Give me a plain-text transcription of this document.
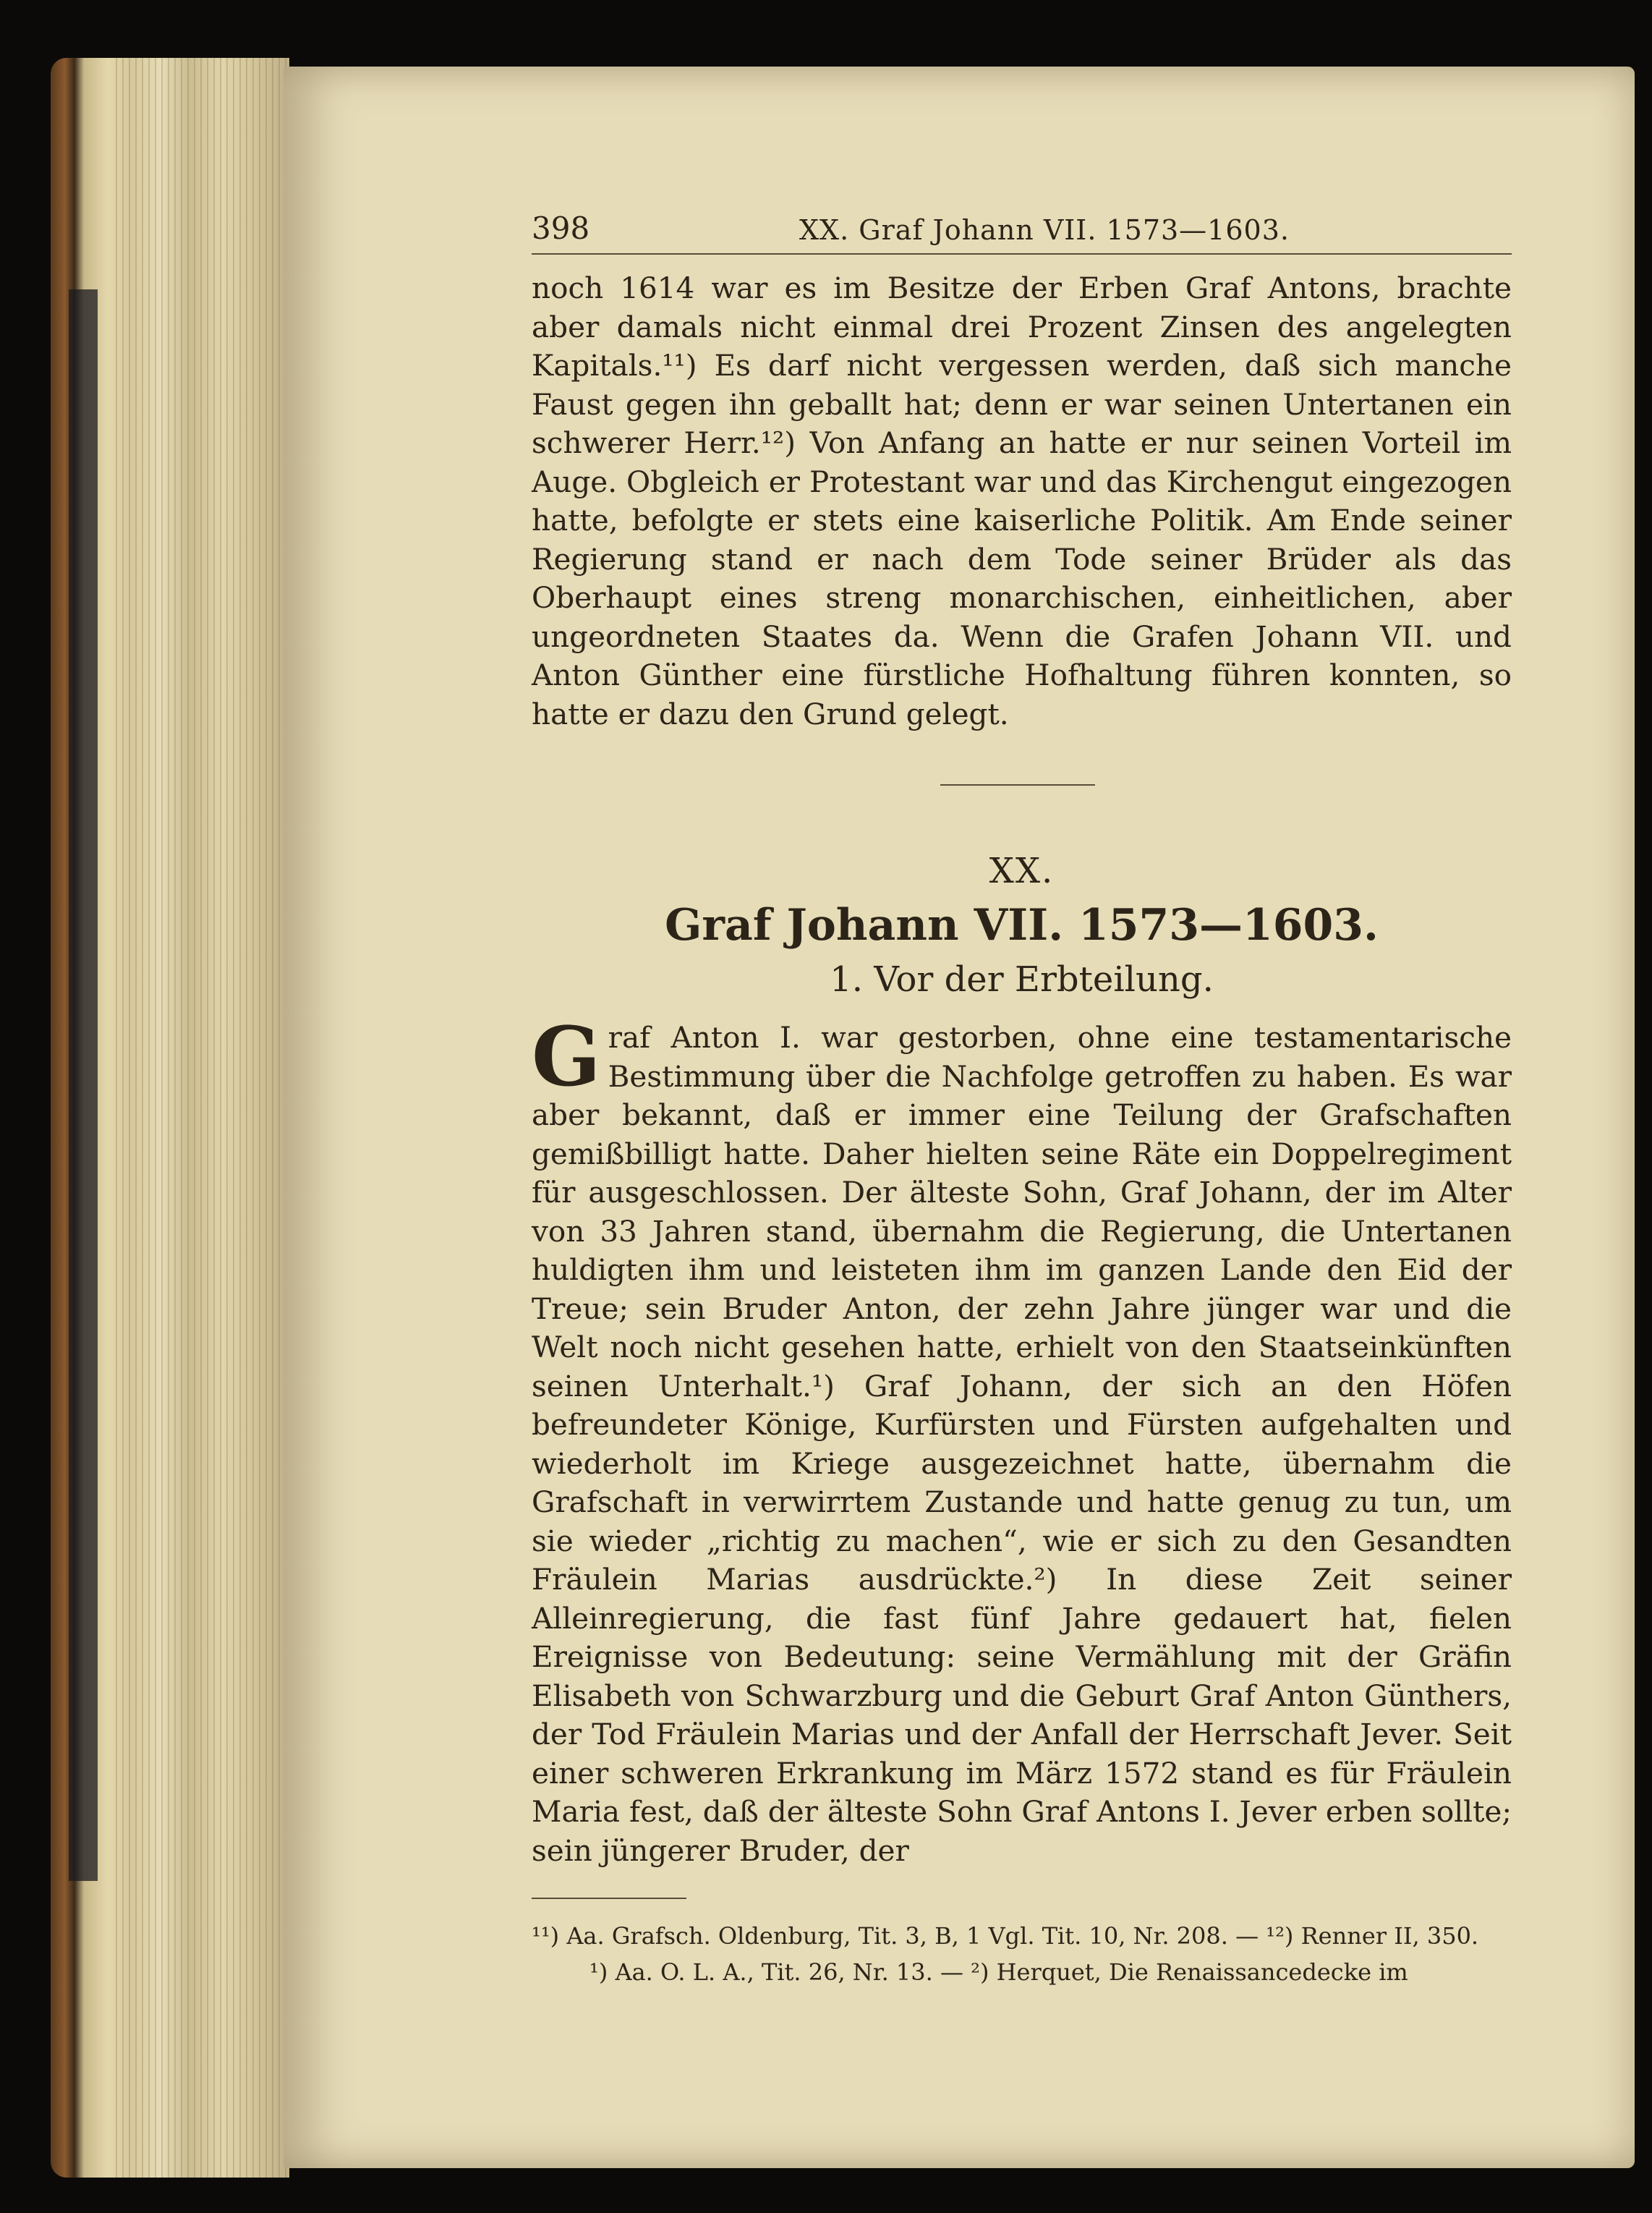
398	XX. Graf Johann VII. 1573—1603.

noch 1614 war es im Besitze der Erben Graf Antons, brachte aber damals nicht einmal drei Prozent Zinsen des angelegten Kapitals.¹¹) Es darf nicht vergessen werden, daß sich manche Faust gegen ihn geballt hat; denn er war seinen Untertanen ein schwerer Herr.¹²) Von Anfang an hatte er nur seinen Vorteil im Auge. Obgleich er Protestant war und das Kirchengut eingezogen hatte, befolgte er stets eine kaiserliche Politik. Am Ende seiner Regierung stand er nach dem Tode seiner Brüder als das Oberhaupt eines streng monarchischen, einheitlichen, aber ungeordneten Staates da. Wenn die Grafen Johann VII. und Anton Günther eine fürstliche Hofhaltung führen konnten, so hatte er dazu den Grund gelegt.

XX.
Graf Johann VII. 1573—1603.
1. Vor der Erbteilung.

Graf Anton I. war gestorben, ohne eine testamentarische Bestimmung über die Nachfolge getroffen zu haben. Es war aber bekannt, daß er immer eine Teilung der Grafschaften gemißbilligt hatte. Daher hielten seine Räte ein Doppelregiment für ausgeschlossen. Der älteste Sohn, Graf Johann, der im Alter von 33 Jahren stand, übernahm die Regierung, die Untertanen huldigten ihm und leisteten ihm im ganzen Lande den Eid der Treue; sein Bruder Anton, der zehn Jahre jünger war und die Welt noch nicht gesehen hatte, erhielt von den Staatseinkünften seinen Unterhalt.¹) Graf Johann, der sich an den Höfen befreundeter Könige, Kurfürsten und Fürsten aufgehalten und wiederholt im Kriege ausgezeichnet hatte, übernahm die Grafschaft in verwirrtem Zustande und hatte genug zu tun, um sie wieder „richtig zu machen“, wie er sich zu den Gesandten Fräulein Marias ausdrückte.²) In diese Zeit seiner Alleinregierung, die fast fünf Jahre gedauert hat, fielen Ereignisse von Bedeutung: seine Vermählung mit der Gräfin Elisabeth von Schwarzburg und die Geburt Graf Anton Günthers, der Tod Fräulein Marias und der Anfall der Herrschaft Jever. Seit einer schweren Erkrankung im März 1572 stand es für Fräulein Maria fest, daß der älteste Sohn Graf Antons I. Jever erben sollte; sein jüngerer Bruder, der

¹¹) Aa. Grafsch. Oldenburg, Tit. 3, B, 1 Vgl. Tit. 10, Nr. 208. — ¹²) Renner II, 350.

¹) Aa. O. L. A., Tit. 26, Nr. 13. — ²) Herquet, Die Renaissancedecke im
